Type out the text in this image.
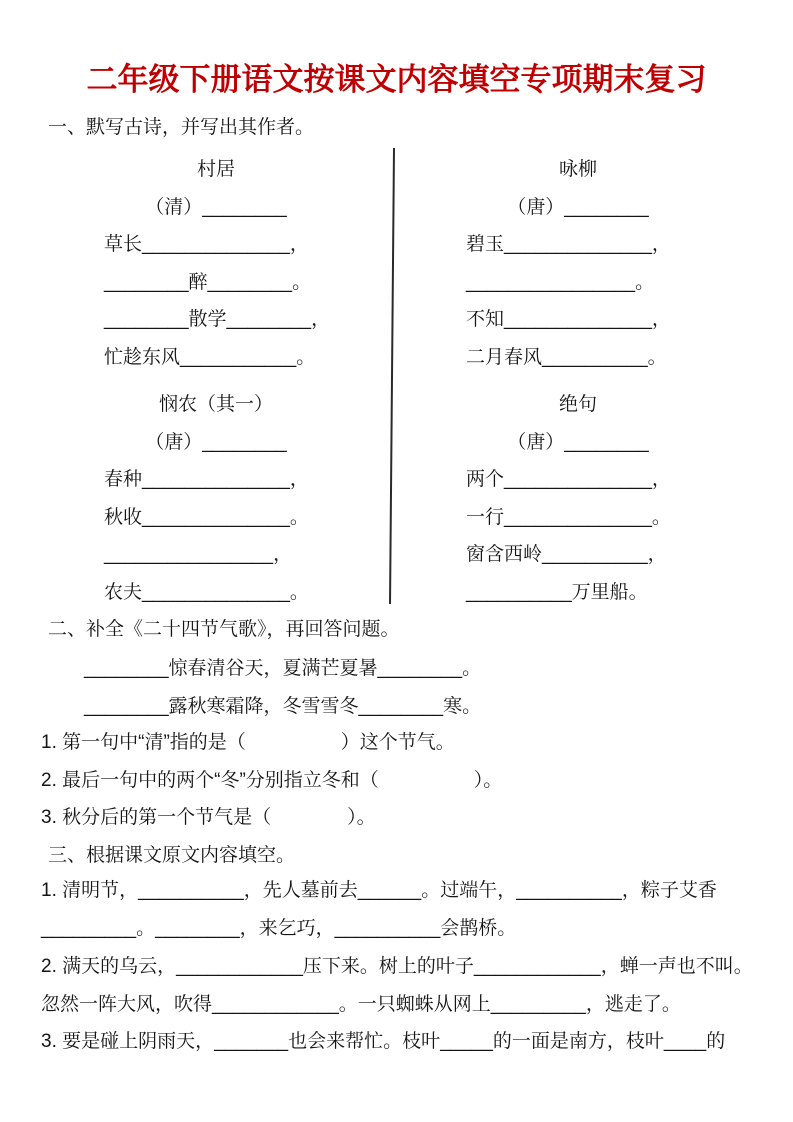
二年级下册语文按课文内容填空专项期末复习
一、默写古诗，并写出其作者。
村居
（清）________
草长______________，
________醉________。
________散学________，
忙趁东风___________。
咏柳
（唐）________
碧玉______________，
________________。
不知______________，
二月春风__________。
悯农（其一）
（唐）________
春种______________，
秋收______________。
________________，
农夫______________。
绝句
（唐）________
两个______________，
一行______________。
窗含西岭__________，
__________万里船。
二、补全《二十四节气歌》，再回答问题。
________惊春清谷天，夏满芒夏暑________。
________露秋寒霜降，冬雪雪冬________寒。
1. 第一句中“清”指的是（　　　　　）这个节气。
2. 最后一句中的两个“冬”分别指立冬和（　　　　　）。
3. 秋分后的第一个节气是（　　　　）。
三、根据课文原文内容填空。
1. 清明节，__________，先人墓前去______。过端午，__________，粽子艾香_________。________，来乞巧，__________会鹊桥。
2. 满天的乌云，____________压下来。树上的叶子____________，蝉一声也不叫。忽然一阵大风，吹得____________。一只蜘蛛从网上_________，逃走了。
3. 要是碰上阴雨天，_______也会来帮忙。枝叶_____的一面是南方，枝叶____的
